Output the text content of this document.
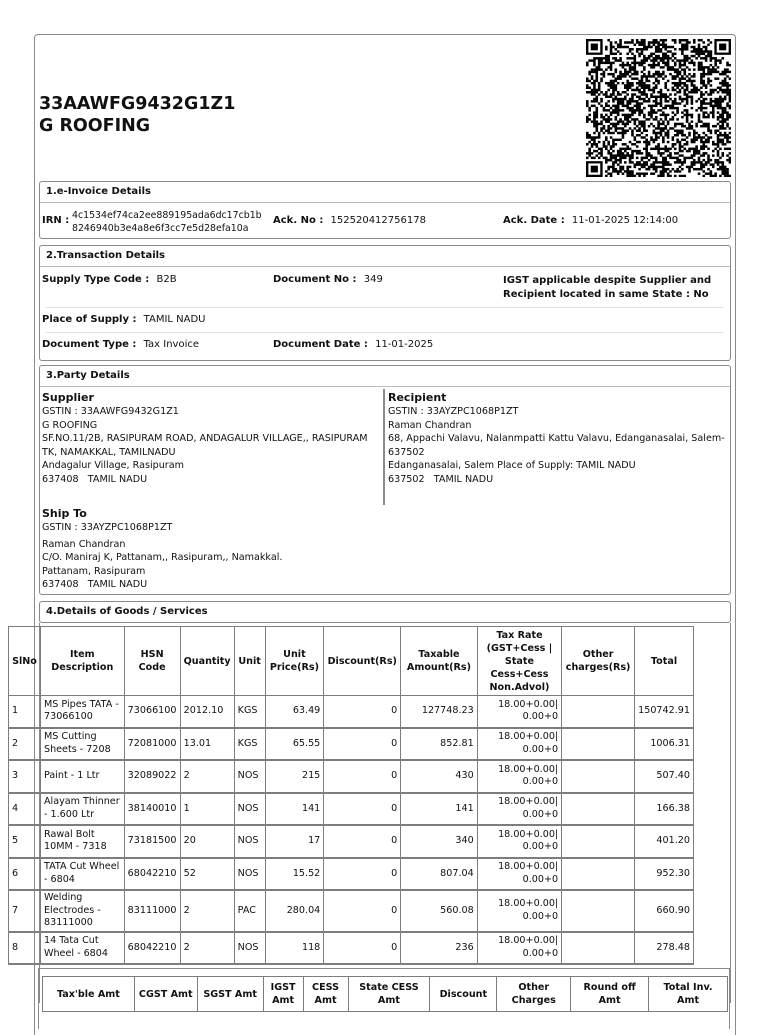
33AAWFG9432G1Z1
G ROOFING
1.e-Invoice Details
IRN : 4c1534ef74ca2ee889195ada6dc17cb1b
8246940b3e4a8e6f3cc7e5d28efa10a
Ack. No : 152520412756178	Ack. Date : 11-01-2025 12:14:00
2.Transaction Details
Supply Type Code : B2B	Document No : 349	IGST applicable despite Supplier and
Recipient located in same State : No
Place of Supply : TAMIL NADU
Document Type : Tax Invoice	Document Date : 11-01-2025
3.Party Details
Supplier
GSTIN : 33AAWFG9432G1Z1
G ROOFING
SF.NO.11/2B, RASIPURAM ROAD, ANDAGALUR VILLAGE,, RASIPURAM
TK, NAMAKKAL, TAMILNADU
Andagalur Village, Rasipuram
637408   TAMIL NADU
Recipient
GSTIN : 33AYZPC1068P1ZT
Raman Chandran
68, Appachi Valavu, Nalanmpatti Kattu Valavu, Edanganasalai, Salem-
637502
Edanganasalai, Salem Place of Supply: TAMIL NADU
637502   TAMIL NADU
Ship To
GSTIN : 33AYZPC1068P1ZT
Raman Chandran
C/O. Maniraj K, Pattanam,, Rasipuram,, Namakkal.
Pattanam, Rasipuram
637408   TAMIL NADU
4.Details of Goods / Services
SlNo	Item Description	HSN Code	Quantity	Unit	Unit Price(Rs)	Discount(Rs)	Taxable Amount(Rs)	Tax Rate (GST+Cess | State Cess+Cess Non.Advol)	Other charges(Rs)	Total
1	MS Pipes TATA - 73066100	73066100	2012.10	KGS	63.49	0	127748.23	18.00+0.00|
0.00+0		150742.91
2	MS Cutting Sheets - 7208	72081000	13.01	KGS	65.55	0	852.81	18.00+0.00|
0.00+0		1006.31
3	Paint - 1 Ltr	32089022	2	NOS	215	0	430	18.00+0.00|
0.00+0		507.40
4	Alayam Thinner - 1.600 Ltr	38140010	1	NOS	141	0	141	18.00+0.00|
0.00+0		166.38
5	Rawal Bolt 10MM - 7318	73181500	20	NOS	17	0	340	18.00+0.00|
0.00+0		401.20
6	TATA Cut Wheel - 6804	68042210	52	NOS	15.52	0	807.04	18.00+0.00|
0.00+0		952.30
7	Welding Electrodes - 83111000	83111000	2	PAC	280.04	0	560.08	18.00+0.00|
0.00+0		660.90
8	14 Tata Cut Wheel - 6804	68042210	2	NOS	118	0	236	18.00+0.00|
0.00+0		278.48
Tax'ble Amt	CGST Amt	SGST Amt	IGST Amt	CESS Amt	State CESS Amt	Discount	Other Charges	Round off Amt	Total Inv. Amt
